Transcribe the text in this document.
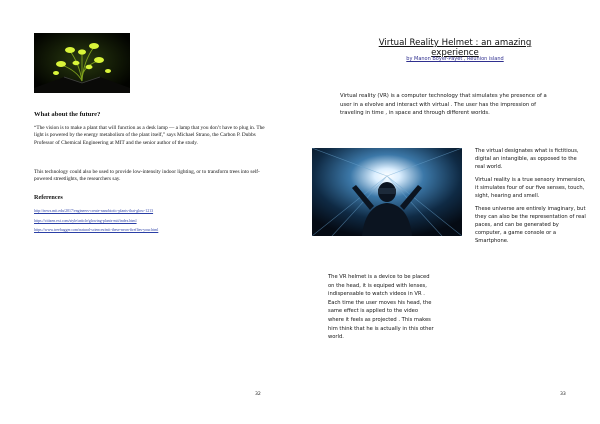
What about the future?

“The vision is to make a plant that will function as a desk lamp — a lamp that you don’t have to plug in. The light is powered by the energy metabolism of the plant itself,” says Michael Strano, the Carbon P. Dubbs Professor of Chemical Engineering at MIT and the senior author of the study.

This technology could also be used to provide low-intensity indoor lighting, or to transform trees into self-powered streetlights, the researchers say.

References
http://news.mit.edu/2017/engineers-create-nanobiotic-plants-that-glow-1213
https://citizen.ext.com/style/article/glowing-plants-mit/index.html
https://www.treehugger.com/natural-sciences/mit-these-neon-fireflies-your.html
32
Virtual Reality Helmet : an amazing experience
by Manon Boyer-Payet , Reunion island
Virtual reality (VR) is a computer technology that simulates yhe presence of a
user in a elvolve and interact with virtual . The user has the impression of
traveling in time , in space and through different worlds.

The virtual designates what is fictitious, digital an intangible, as opposed to the real world.

Virtual reality is a true sensory immersion, it simulates four of our five senses, touch, sight, hearing and smell.

These universe are entirely imaginary, but they can also be the representation of real paces, and can be generated by computer, a game console or a Smartphone.

The VR helmet is a device to be placed on the head, it is equiped with lenses, indispensable to watch videos in VR . Each time the user moves his head, the same effect is applied to the video where it feels as projected . This makes him think that he is actually in this other world.

33
